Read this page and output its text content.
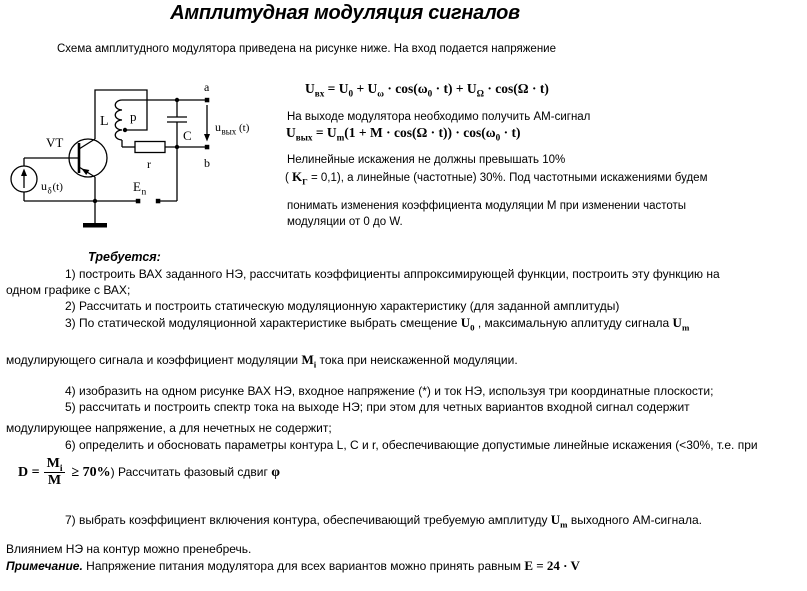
Амплитудная модуляция сигналов
Схема амплитудного модулятора приведена на рисунке ниже. На вход подается напряжение
VT
L p
a
b
C
r
E n
u δ (t)
u вых (t)
$U_{вх} = U_0 + U_\omega \cdot \cos(\omega_0 \cdot t) + U_\Omega \cdot \cos(\Omega \cdot t)$
На выходе модулятора необходимо получить АМ-сигнал
$U_{вых} = U_m(1 + M \cdot \cos(\Omega \cdot t)) \cdot \cos(\omega_0 \cdot t)$
Нелинейные искажения не должны превышать 10%
( $K_Г = 0,1$), а линейные (частотные) 30%. Под частотными искажениями будем
понимать изменения коэффициента модуляции М при изменении частоты
модуляции от 0 до W.
Требуется:
1) построить ВАХ заданного НЭ, рассчитать коэффициенты аппроксимирующей функции, построить эту функцию на
одном графике с ВАХ;
2) Рассчитать и построить статическую модуляционную характеристику (для заданной амплитуды)
3) По статической модуляционной характеристике выбрать смещение $U_0$ , максимальную аплитуду сигнала $U_m$
модулирующего сигнала и коэффициент модуляции $M_i$ тока при неискаженной модуляции.
4) изобразить на одном рисунке ВАХ НЭ, входное напряжение (*) и ток НЭ, используя три координатные плоскости;
5) рассчитать и построить спектр тока на выходе НЭ; при этом для четных вариантов входной сигнал содержит
модулирующее напряжение, а для нечетных не содержит;
6) определить и обосновать параметры контура L, C и r, обеспечивающие допустимые линейные искажения (<30%, т.е. при
$D = \frac{M_i}{M} \ge 70\%$) Рассчитать фазовый сдвиг φ
7) выбрать коэффициент включения контура, обеспечивающий требуемую амплитуду $U_m$ выходного АМ-сигнала.
Влиянием НЭ на контур можно пренебречь.
Примечание. Напряжение питания модулятора для всех вариантов можно принять равным E = 24 · V
